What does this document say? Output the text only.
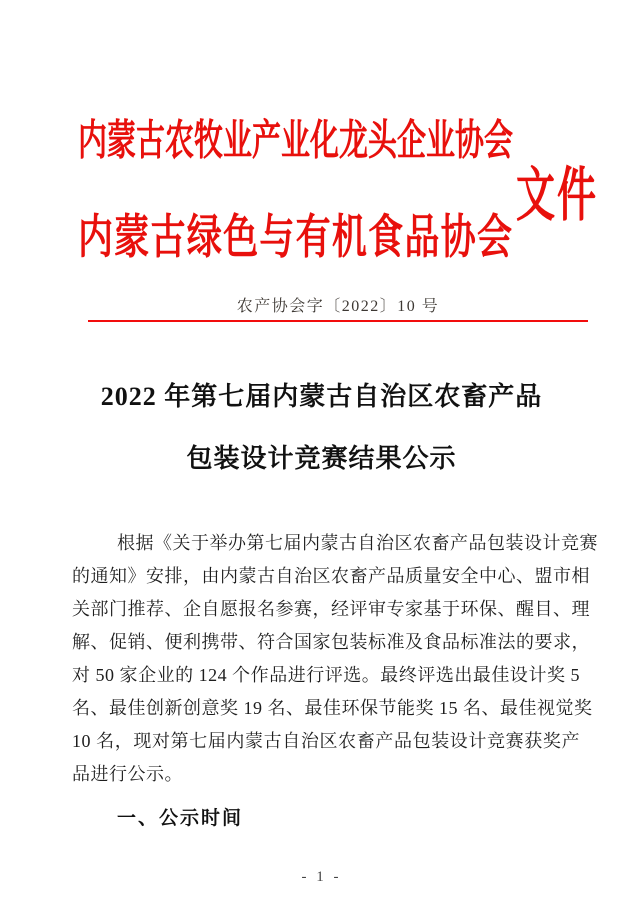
内蒙古农牧业产业化龙头企业协会
内蒙古绿色与有机食品协会
文件
农产协会字〔2022〕10 号
2022 年第七届内蒙古自治区农畜产品
包装设计竞赛结果公示
根据《关于举办第七届内蒙古自治区农畜产品包装设计竞赛
的通知》安排，由内蒙古自治区农畜产品质量安全中心、盟市相
关部门推荐、企自愿报名参赛，经评审专家基于环保、醒目、理
解、促销、便利携带、符合国家包装标准及食品标准法的要求，
对 50 家企业的 124 个作品进行评选。最终评选出最佳设计奖 5
名、最佳创新创意奖 19 名、最佳环保节能奖 15 名、最佳视觉奖
10 名，现对第七届内蒙古自治区农畜产品包装设计竞赛获奖产
品进行公示。
一、公示时间
- 1 -
